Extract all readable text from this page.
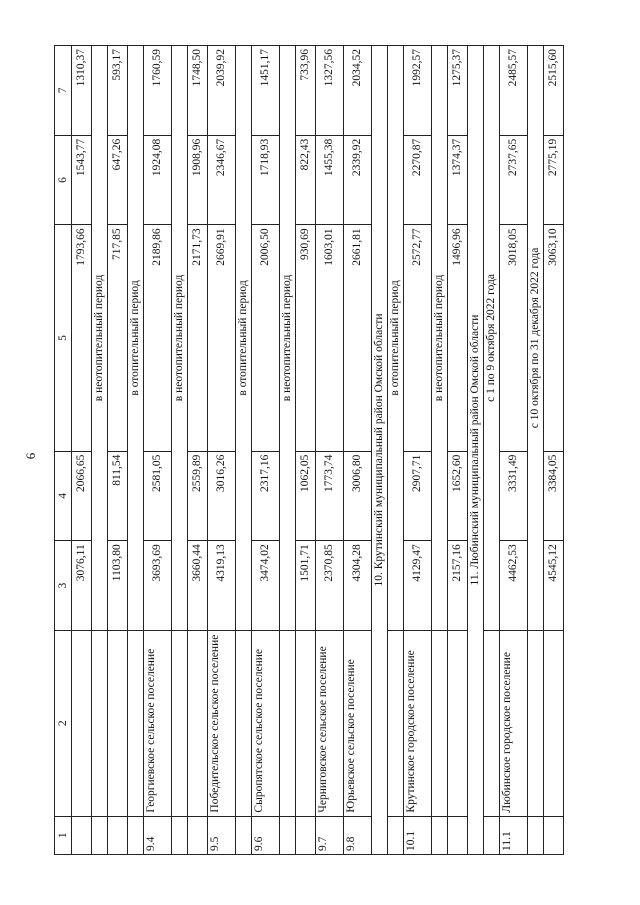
6
1	2	3	4	5	6	7
		3076,11	2066,65	1793,66	1543,77	1310,37
		в неотопительный период				
		1103,80	811,54	717,85	647,26	593,17
		в отопительный период				
9.4	Георгиевское сельское поселение	3693,69	2581,05	2189,86	1924,08	1760,59
		в неотопительный период				
		3660,44	2559,89	2171,73	1908,96	1748,50
9.5	Победительское сельское поселение	4319,13	3016,26	2669,91	2346,67	2039,92
		в отопительный период				
9.6	Сыропятское сельское поселение	3474,02	2317,16	2006,50	1718,93	1451,17
		в неотопительный период				
		1501,71	1062,05	930,69	822,43	733,96
9.7	Черниговское сельское поселение	2370,85	1773,74	1603,01	1455,38	1327,56
9.8	Юрьевское сельское поселение	4304,28	3006,80	2661,81	2339,92	2034,52
10. Крутинский муниципальный район Омской области						
		в отопительный период				
10.1	Крутинское городское поселение	4129,47	2907,71	2572,77	2270,87	1992,57
		в неотопительный период				
		2157,16	1652,60	1496,96	1374,37	1275,37
11. Любинский муниципальный район Омской области						
		с 1 по 9 октября 2022 года				
11.1	Любинское городское поселение	4462,53	3331,49	3018,05	2737,65	2485,57
		с 10 октября по 31 декабря 2022 года				
		4545,12	3384,05	3063,10	2775,19	2515,60
